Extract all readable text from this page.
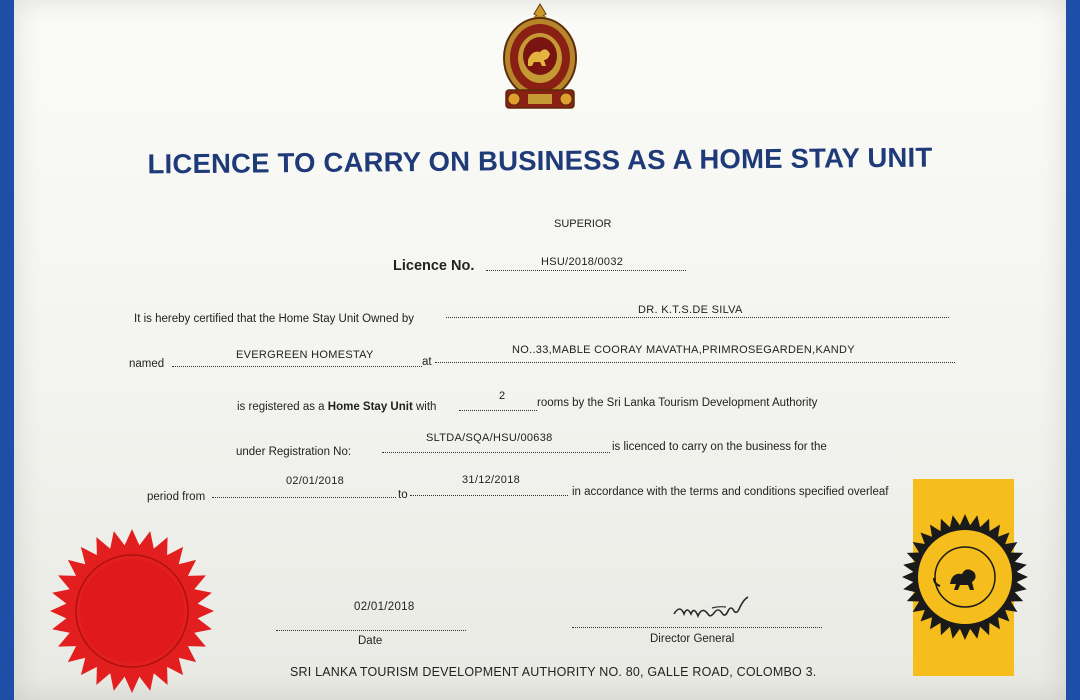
LICENCE TO CARRY ON BUSINESS AS A HOME STAY UNIT
SUPERIOR
Licence No.	HSU/2018/0032
It is hereby certified that the Home Stay Unit Owned by
DR. K.T.S.DE SILVA
named
EVERGREEN HOMESTAY
at
NO..33,MABLE COORAY MAVATHA,PRIMROSEGARDEN,KANDY
is registered as a Home Stay Unit with
2
rooms by the Sri Lanka Tourism Development Authority
under Registration No:
SLTDA/SQA/HSU/00638
is licenced to carry on the business for the
period from
02/01/2018
to
31/12/2018
in accordance with the terms and conditions specified overleaf
02/01/2018
Date	Director General
SRI LANKA TOURISM DEVELOPMENT AUTHORITY NO. 80, GALLE ROAD, COLOMBO 3.
